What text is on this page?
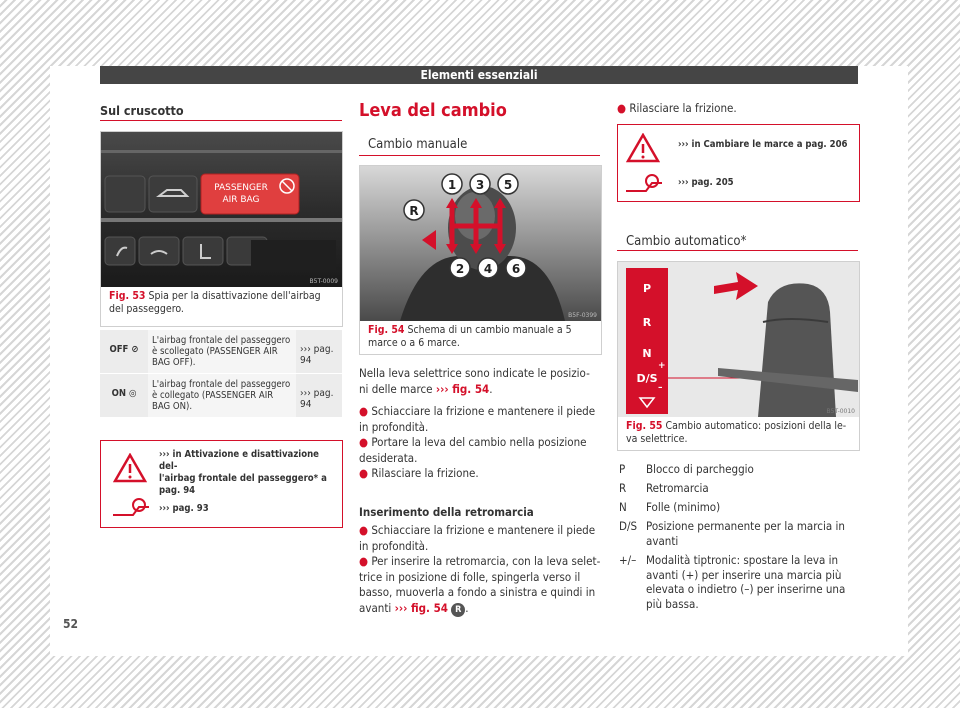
Elementi essenziali
Sul cruscotto
PASSENGER
AIR BAG
B5T-0009
Fig. 53 Spia per la disattivazione dell'airbag del passeggero.
OFF ⊘	L'airbag frontale del passeggero è scollegato (PASSENGER AIR BAG OFF).	››› pag. 94
ON ◎	L'airbag frontale del passeggero è collegato (PASSENGER AIR BAG ON).	››› pag. 94
››› in Attivazione e disattivazione del-
l'airbag frontale del passeggero* a
pag. 94
››› pag. 93
52
Leva del cambio
Cambio manuale
1 3 5
R
2 4 6
B5F-0399
Fig. 54 Schema di un cambio manuale a 5 marce o a 6 marce.
Nella leva selettrice sono indicate le posizio-
ni delle marce ››› fig. 54.
● Schiacciare la frizione e mantenere il piede in profondità.
● Portare la leva del cambio nella posizione desiderata.
● Rilasciare la frizione.
Inserimento della retromarcia
● Schiacciare la frizione e mantenere il piede in profondità.
● Per inserire la retromarcia, con la leva selet- trice in posizione di folle, spingerla verso il basso, muoverla a fondo a sinistra e quindi in avanti ››› fig. 54 R .
● Rilasciare la frizione.
››› in Cambiare le marce a pag. 206
››› pag. 205
Cambio automatico*
P
R
N
D/S
+
–
B5T-0010
Fig. 55 Cambio automatico: posizioni della le- va selettrice.
P Blocco di parcheggio
R Retromarcia
N Folle (minimo)
D/S Posizione permanente per la marcia in avanti
+/– Modalità tiptronic: spostare la leva in avanti (+) per inserire una marcia più elevata o indietro (–) per inserirne una più bassa.
